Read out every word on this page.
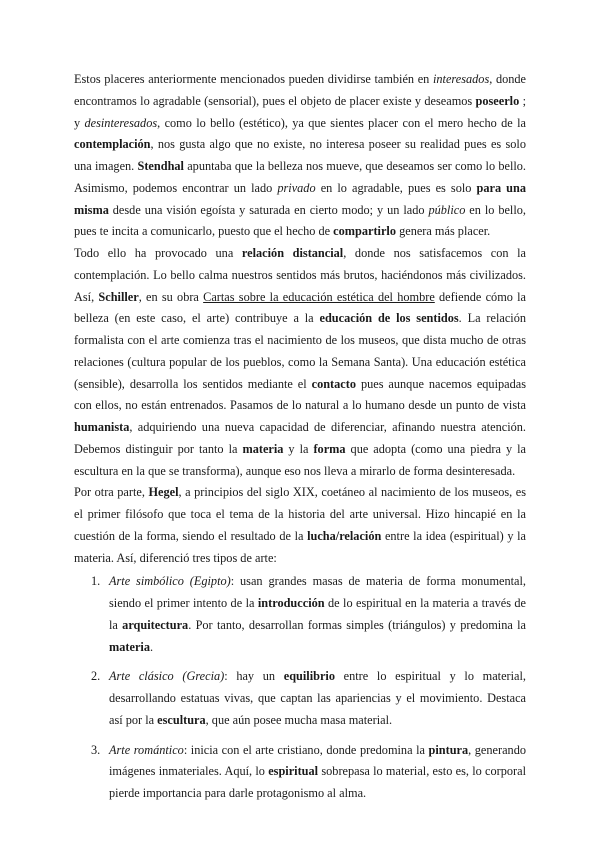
Estos placeres anteriormente mencionados pueden dividirse también en interesados, donde encontramos lo agradable (sensorial), pues el objeto de placer existe y deseamos poseerlo ; y desinteresados, como lo bello (estético), ya que sientes placer con el mero hecho de la contemplación, nos gusta algo que no existe, no interesa poseer su realidad pues es solo una imagen. Stendhal apuntaba que la belleza nos mueve, que deseamos ser como lo bello. Asimismo, podemos encontrar un lado privado en lo agradable, pues es solo para una misma desde una visión egoísta y saturada en cierto modo; y un lado público en lo bello, pues te incita a comunicarlo, puesto que el hecho de compartirlo genera más placer.

Todo ello ha provocado una relación distancial, donde nos satisfacemos con la contemplación. Lo bello calma nuestros sentidos más brutos, haciéndonos más civilizados. Así, Schiller, en su obra Cartas sobre la educación estética del hombre defiende cómo la belleza (en este caso, el arte) contribuye a la educación de los sentidos. La relación formalista con el arte comienza tras el nacimiento de los museos, que dista mucho de otras relaciones (cultura popular de los pueblos, como la Semana Santa). Una educación estética (sensible), desarrolla los sentidos mediante el contacto pues aunque nacemos equipadas con ellos, no están entrenados. Pasamos de lo natural a lo humano desde un punto de vista humanista, adquiriendo una nueva capacidad de diferenciar, afinando nuestra atención. Debemos distinguir por tanto la materia y la forma que adopta (como una piedra y la escultura en la que se transforma), aunque eso nos lleva a mirarlo de forma desinteresada.

Por otra parte, Hegel, a principios del siglo XIX, coetáneo al nacimiento de los museos, es el primer filósofo que toca el tema de la historia del arte universal. Hizo hincapié en la cuestión de la forma, siendo el resultado de la lucha/relación entre la idea (espiritual) y la materia. Así, diferenció tres tipos de arte:

1. Arte simbólico (Egipto): usan grandes masas de materia de forma monumental, siendo el primer intento de la introducción de lo espiritual en la materia a través de la arquitectura. Por tanto, desarrollan formas simples (triángulos) y predomina la materia.
2. Arte clásico (Grecia): hay un equilibrio entre lo espiritual y lo material, desarrollando estatuas vivas, que captan las apariencias y el movimiento. Destaca así por la escultura, que aún posee mucha masa material.
3. Arte romántico: inicia con el arte cristiano, donde predomina la pintura, generando imágenes inmateriales. Aquí, lo espiritual sobrepasa lo material, esto es, lo corporal pierde importancia para darle protagonismo al alma.
